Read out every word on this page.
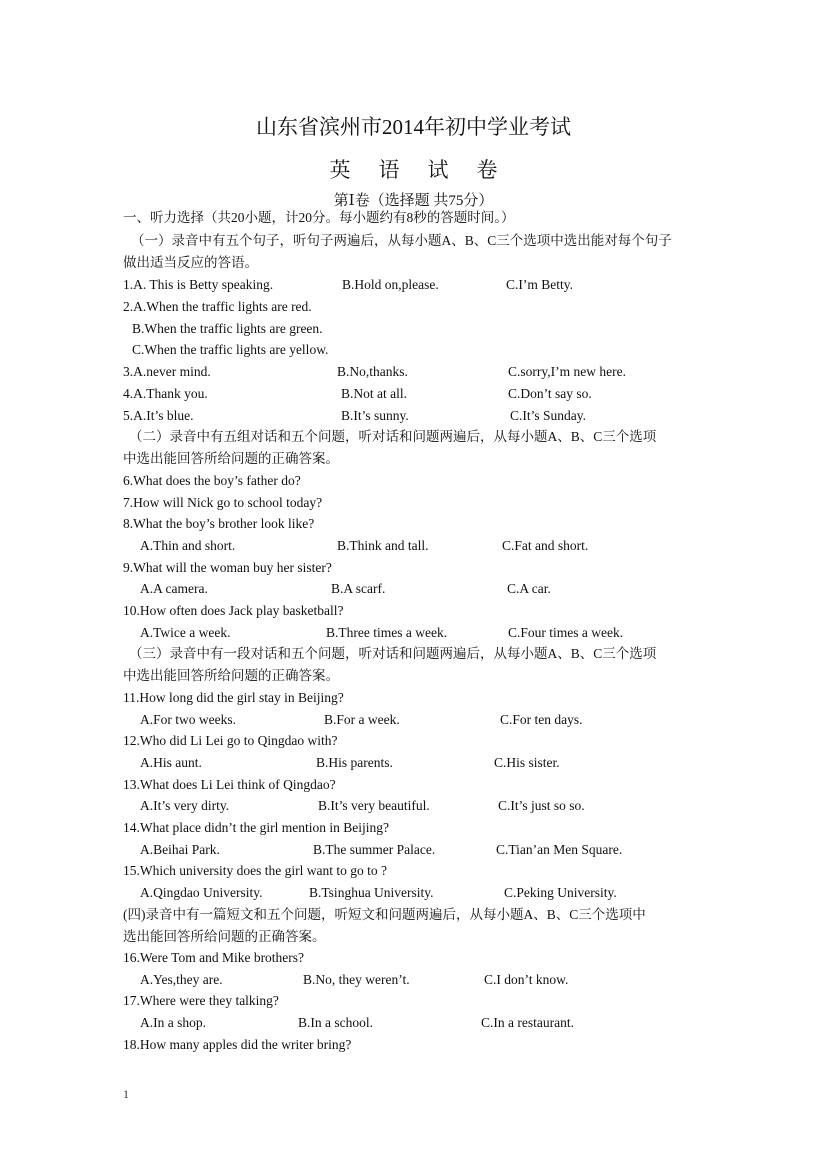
山东省滨州市2014年初中学业考试
英语试卷
第Ⅰ卷（选择题 共75分）
一、听力选择（共20小题，计20分。每小题约有8秒的答题时间。）
（一）录音中有五个句子，听句子两遍后，从每小题A、B、C三个选项中选出能对每个句子
做出适当反应的答语。
1.A. This is Betty speaking.	B.Hold on,please.	C.I’m Betty.
2.A.When the traffic lights are red.
B.When the traffic lights are green.
C.When the traffic lights are yellow.
3.A.never mind.	B.No,thanks.	C.sorry,I’m new here.
4.A.Thank you.	B.Not at all.	C.Don’t say so.
5.A.It’s blue.	B.It’s sunny.	C.It’s Sunday.
（二）录音中有五组对话和五个问题，听对话和问题两遍后，从每小题A、B、C三个选项
中选出能回答所给问题的正确答案。
6.What does the boy’s father do?
7.How will Nick go to school today?
8.What the boy’s brother look like?
A.Thin and short.	B.Think and tall.	C.Fat and short.
9.What will the woman buy her sister?
A.A camera.	B.A scarf.	C.A car.
10.How often does Jack play basketball?
A.Twice a week.	B.Three times a week.	C.Four times a week.
（三）录音中有一段对话和五个问题，听对话和问题两遍后，从每小题A、B、C三个选项
中选出能回答所给问题的正确答案。
11.How long did the girl stay in Beijing?
A.For two weeks.	B.For a week.	C.For ten days.
12.Who did Li Lei go to Qingdao with?
A.His aunt.	B.His parents.	C.His sister.
13.What does Li Lei think of Qingdao?
A.It’s very dirty.	B.It’s very beautiful.	C.It’s just so so.
14.What place didn’t the girl mention in Beijing?
A.Beihai Park.	B.The summer Palace.	C.Tian’an Men Square.
15.Which university does the girl want to go to ?
A.Qingdao University.	B.Tsinghua University.	C.Peking University.
(四)录音中有一篇短文和五个问题，听短文和问题两遍后，从每小题A、B、C三个选项中
选出能回答所给问题的正确答案。
16.Were Tom and Mike brothers?
A.Yes,they are.	B.No, they weren’t.	C.I don’t know.
17.Where were they talking?
A.In a shop.	B.In a school.	C.In a restaurant.
18.How many apples did the writer bring?
1
